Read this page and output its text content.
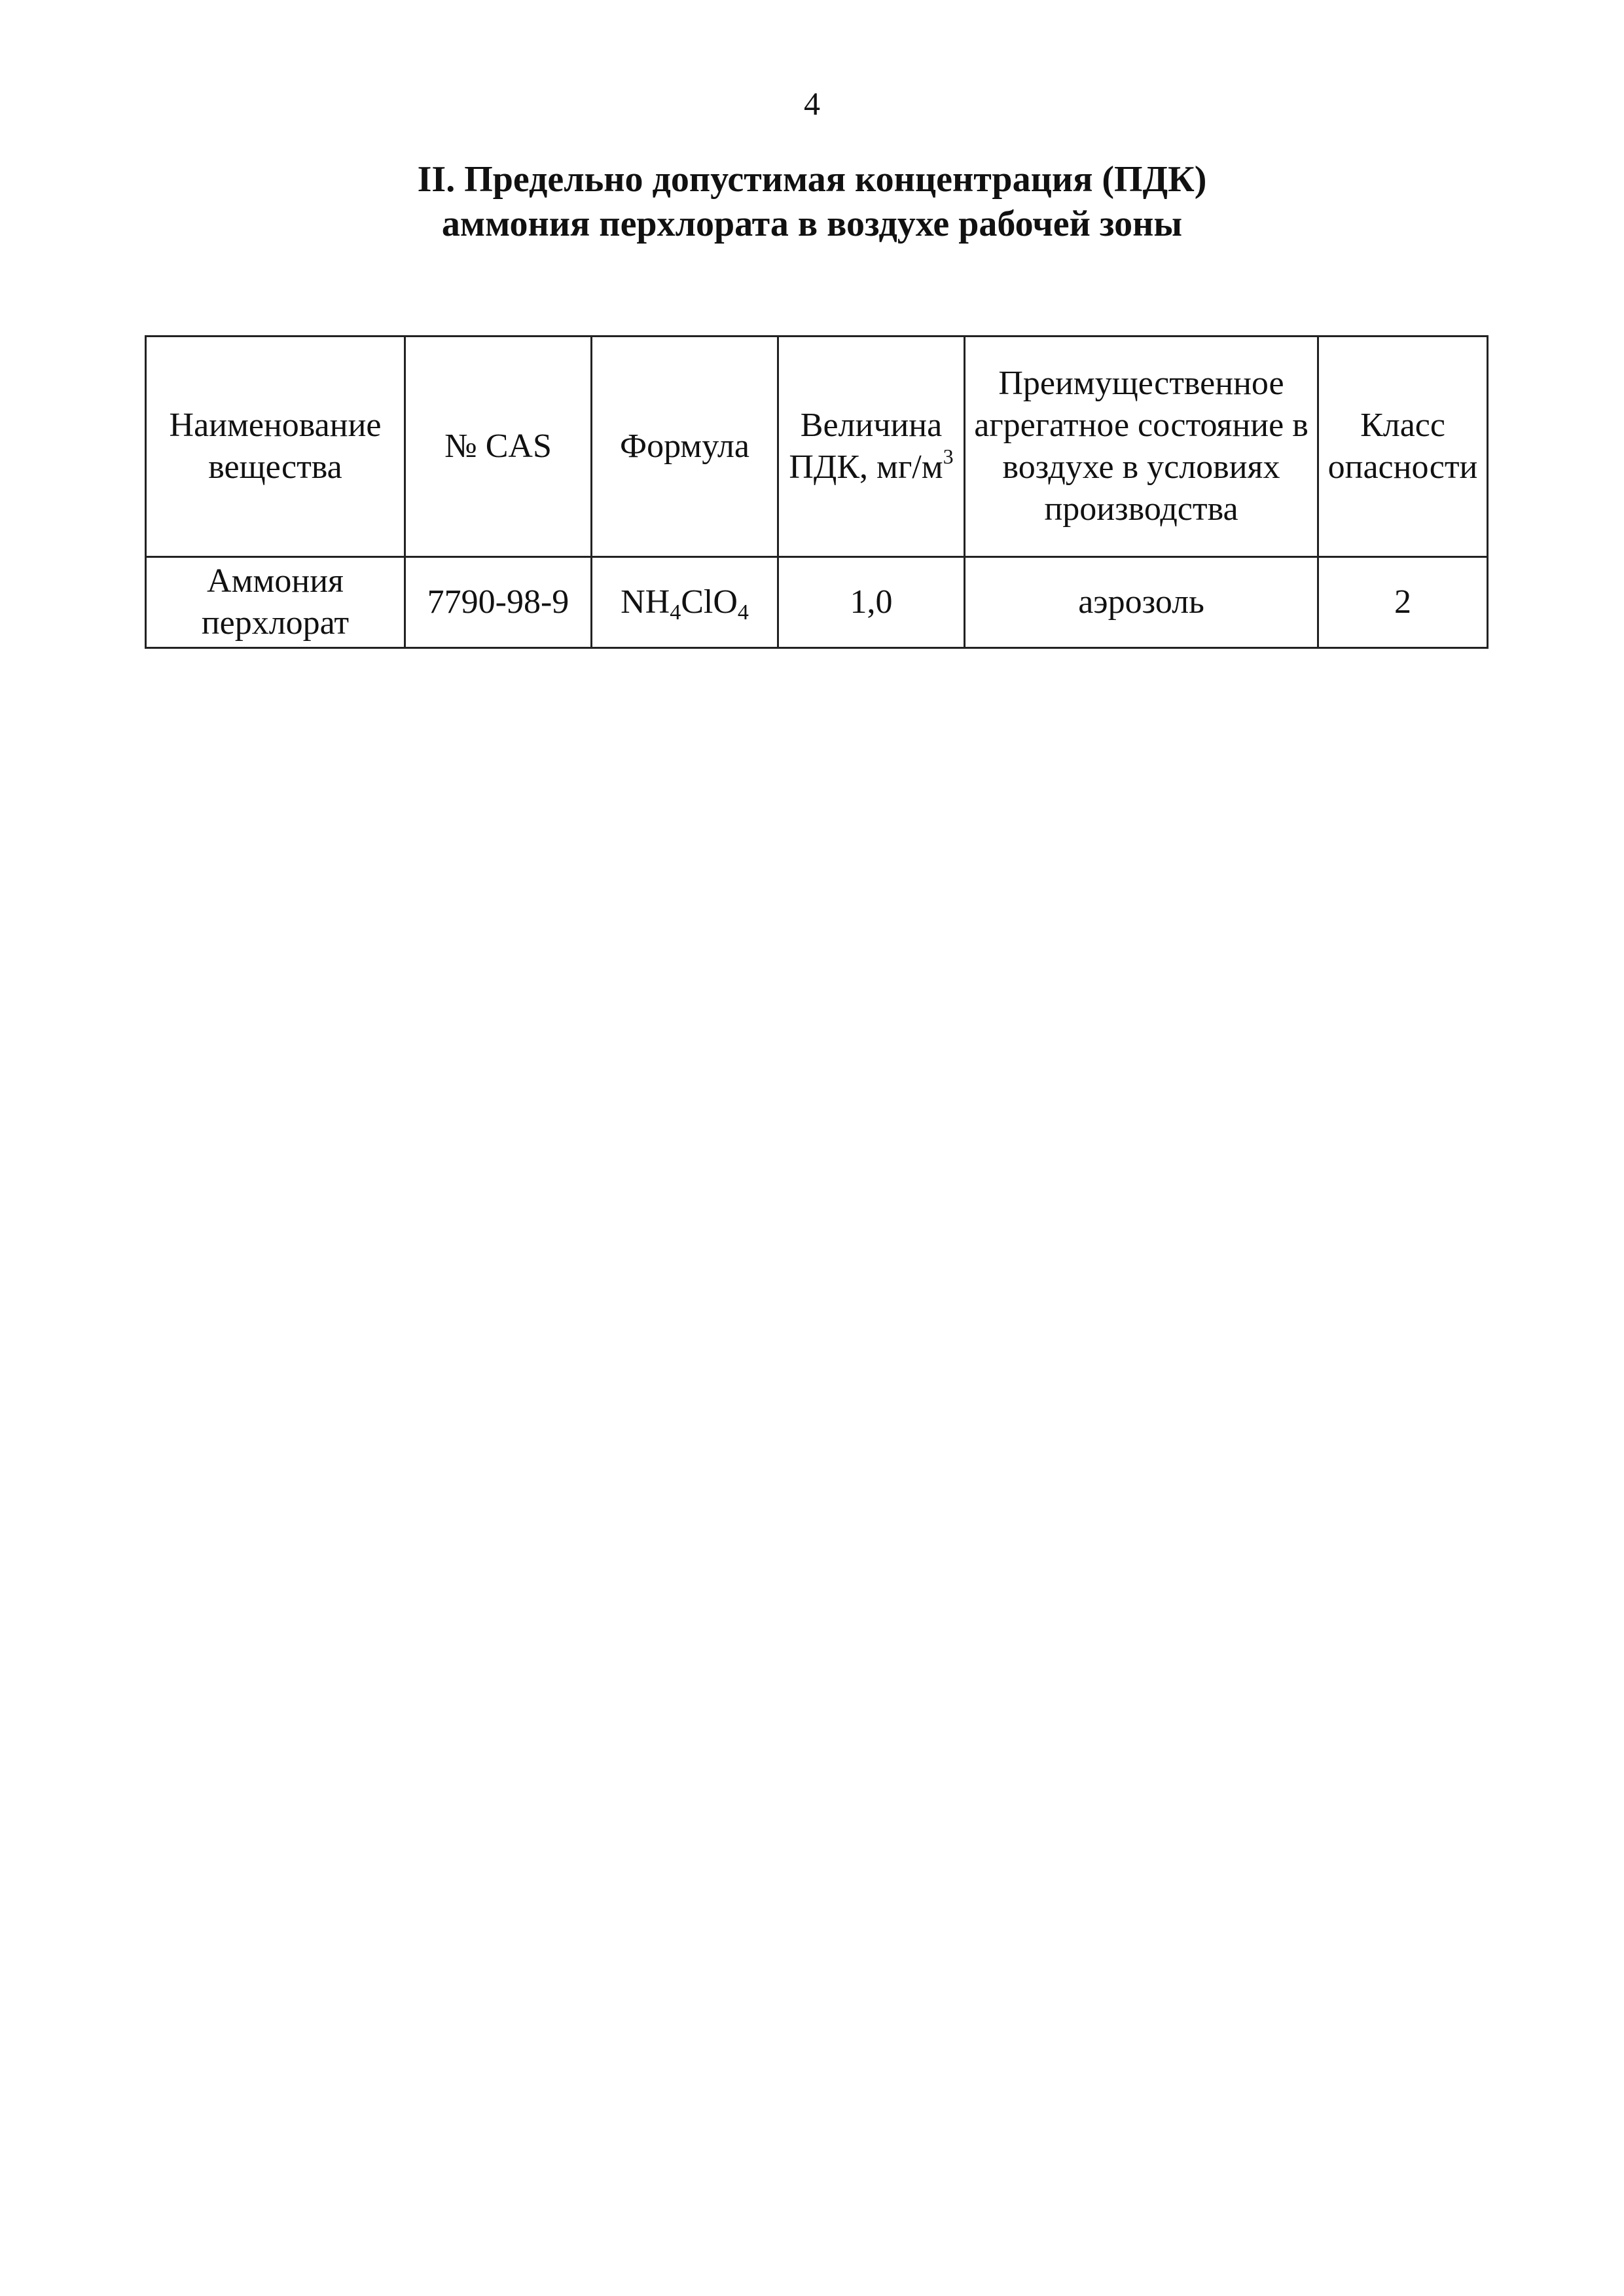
4
II. Предельно допустимая концентрация (ПДК)
аммония перхлората в воздухе рабочей зоны
Наименование вещества	№ CAS	Формула	Величина ПДК, $мг/м^3$	Преимущественное агрегатное состояние в воздухе в условиях производства	Класс опасности
Аммония перхлорат	7790-98-9	$NH_4ClO_4$	1,0	аэрозоль	2
